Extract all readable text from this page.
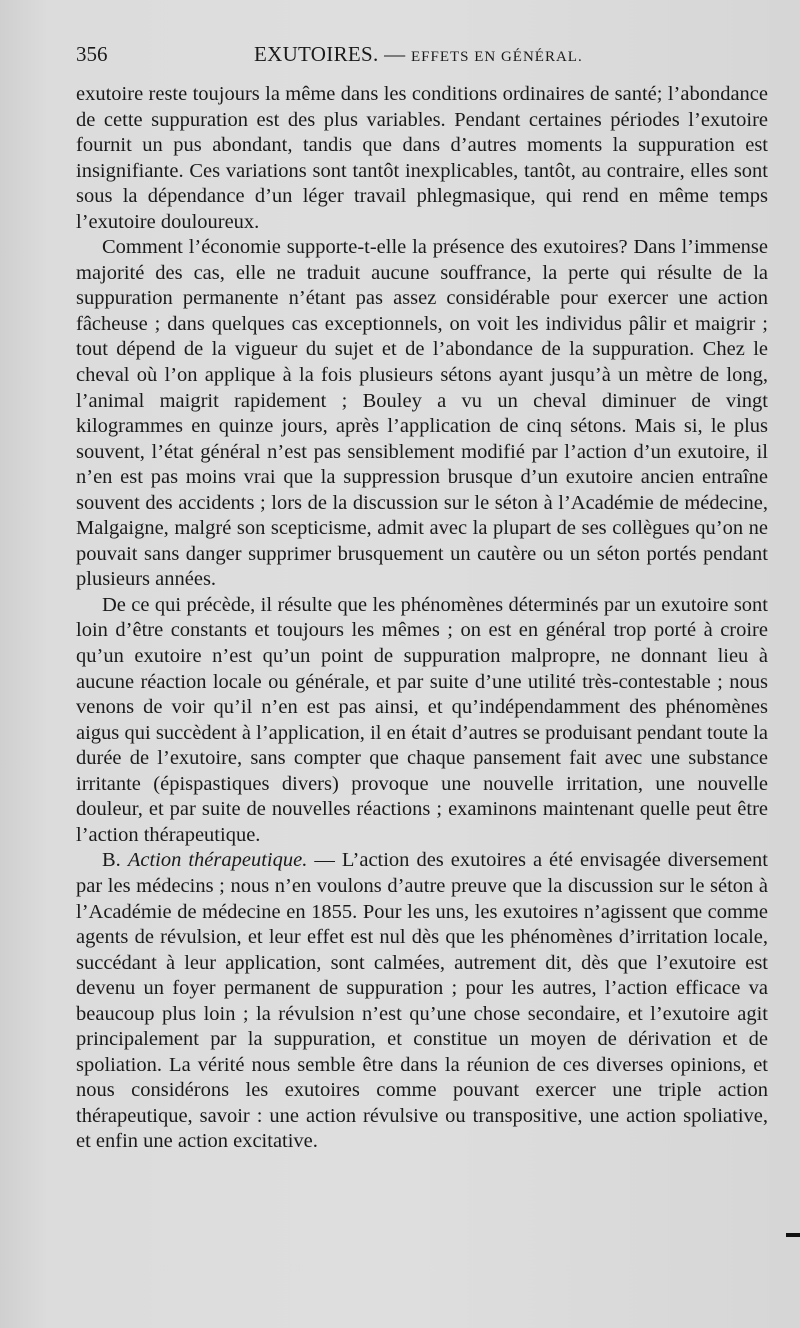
356	EXUTOIRES. — EFFETS EN GÉNÉRAL.

exutoire reste toujours la même dans les conditions ordinaires de santé; l’abondance de cette suppuration est des plus variables. Pendant certaines périodes l’exutoire fournit un pus abondant, tandis que dans d’autres moments la suppuration est insignifiante. Ces variations sont tantôt inexplicables, tantôt, au contraire, elles sont sous la dépendance d’un léger travail phlegmasique, qui rend en même temps l’exutoire douloureux.

Comment l’économie supporte-t-elle la présence des exutoires? Dans l’immense majorité des cas, elle ne traduit aucune souffrance, la perte qui résulte de la suppuration permanente n’étant pas assez considérable pour exercer une action fâcheuse ; dans quelques cas exceptionnels, on voit les individus pâlir et maigrir ; tout dépend de la vigueur du sujet et de l’abondance de la suppuration. Chez le cheval où l’on applique à la fois plusieurs sétons ayant jusqu’à un mètre de long, l’animal maigrit rapidement ; Bouley a vu un cheval diminuer de vingt kilogrammes en quinze jours, après l’application de cinq sétons. Mais si, le plus souvent, l’état général n’est pas sensiblement modifié par l’action d’un exutoire, il n’en est pas moins vrai que la suppression brusque d’un exutoire ancien entraîne souvent des accidents ; lors de la discussion sur le séton à l’Académie de médecine, Malgaigne, malgré son scepticisme, admit avec la plupart de ses collègues qu’on ne pouvait sans danger supprimer brusquement un cautère ou un séton portés pendant plusieurs années.

De ce qui précède, il résulte que les phénomènes déterminés par un exutoire sont loin d’être constants et toujours les mêmes ; on est en général trop porté à croire qu’un exutoire n’est qu’un point de suppuration malpropre, ne donnant lieu à aucune réaction locale ou générale, et par suite d’une utilité très-contestable ; nous venons de voir qu’il n’en est pas ainsi, et qu’indépendamment des phénomènes aigus qui succèdent à l’application, il en était d’autres se produisant pendant toute la durée de l’exutoire, sans compter que chaque pansement fait avec une substance irritante (épispastiques divers) provoque une nouvelle irritation, une nouvelle douleur, et par suite de nouvelles réactions ; examinons maintenant quelle peut être l’action thérapeutique.

B. Action thérapeutique. — L’action des exutoires a été envisagée diversement par les médecins ; nous n’en voulons d’autre preuve que la discussion sur le séton à l’Académie de médecine en 1855. Pour les uns, les exutoires n’agissent que comme agents de révulsion, et leur effet est nul dès que les phénomènes d’irritation locale, succédant à leur application, sont calmées, autrement dit, dès que l’exutoire est devenu un foyer permanent de suppuration ; pour les autres, l’action efficace va beaucoup plus loin ; la révulsion n’est qu’une chose secondaire, et l’exutoire agit principalement par la suppuration, et constitue un moyen de dérivation et de spoliation. La vérité nous semble être dans la réunion de ces diverses opinions, et nous considérons les exutoires comme pouvant exercer une triple action thérapeutique, savoir : une action révulsive ou transpositive, une action spoliative, et enfin une action excitative.
